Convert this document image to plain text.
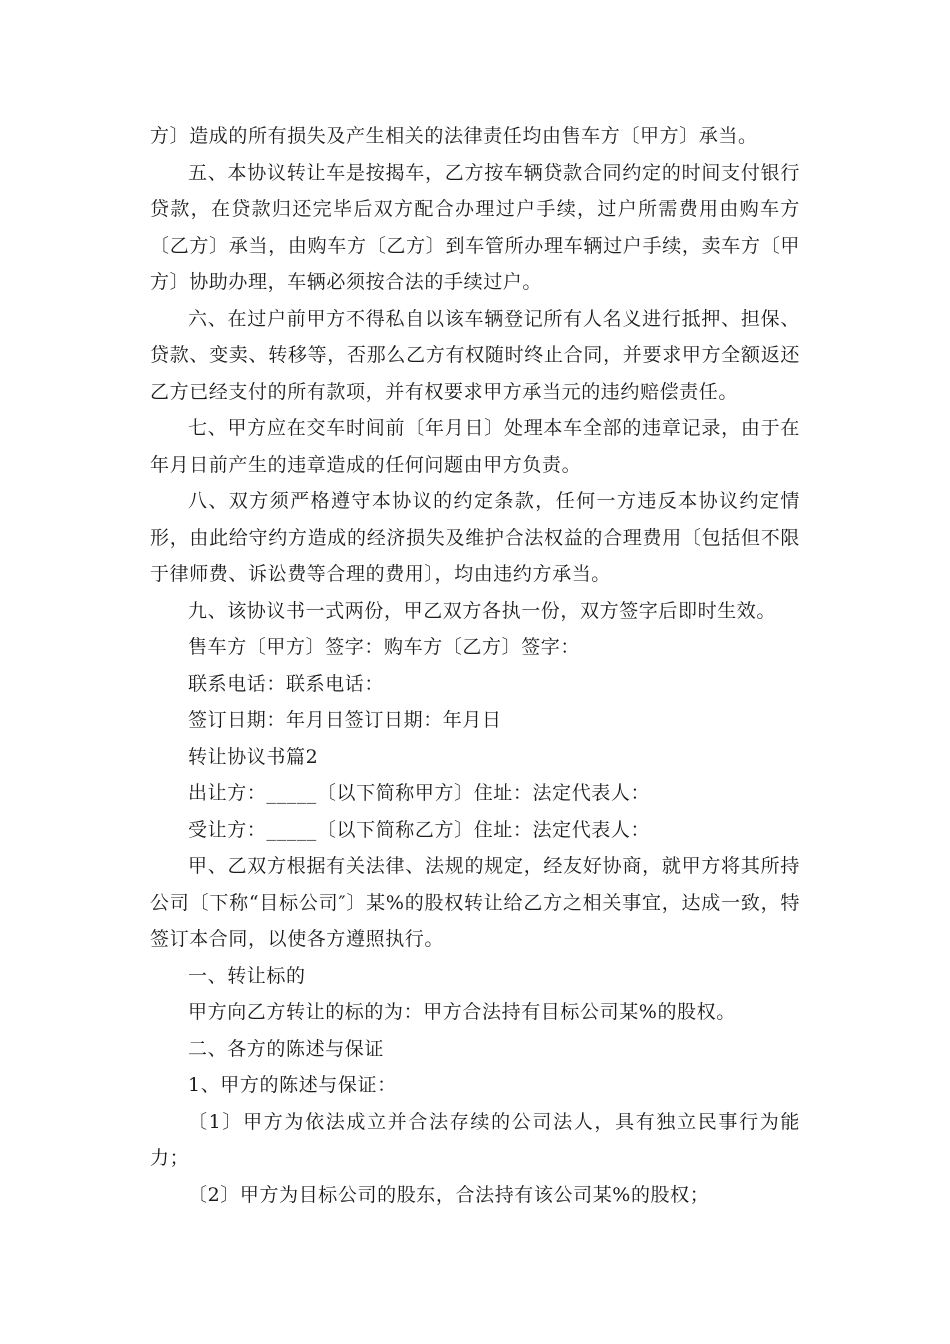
方〕造成的所有损失及产生相关的法律责任均由售车方〔甲方〕承当。

五、本协议转让车是按揭车，乙方按车辆贷款合同约定的时间支付银行贷款，在贷款归还完毕后双方配合办理过户手续，过户所需费用由购车方〔乙方〕承当，由购车方〔乙方〕到车管所办理车辆过户手续，卖车方〔甲方〕协助办理，车辆必须按合法的手续过户。

六、在过户前甲方不得私自以该车辆登记所有人名义进行抵押、担保、贷款、变卖、转移等，否那么乙方有权随时终止合同，并要求甲方全额返还乙方已经支付的所有款项，并有权要求甲方承当元的违约赔偿责任。

七、甲方应在交车时间前〔年月日〕处理本车全部的违章记录，由于在年月日前产生的违章造成的任何问题由甲方负责。

八、双方须严格遵守本协议的约定条款，任何一方违反本协议约定情形，由此给守约方造成的经济损失及维护合法权益的合理费用〔包括但不限于律师费、诉讼费等合理的费用〕，均由违约方承当。

九、该协议书一式两份，甲乙双方各执一份，双方签字后即时生效。

售车方〔甲方〕签字：购车方〔乙方〕签字：

联系电话：联系电话：

签订日期：年月日签订日期：年月日

转让协议书篇2

出让方：_____〔以下简称甲方〕住址：法定代表人：

受让方：_____〔以下简称乙方〕住址：法定代表人：

甲、乙双方根据有关法律、法规的规定，经友好协商，就甲方将其所持公司〔下称“目标公司″〕某%的股权转让给乙方之相关事宜，达成一致，特签订本合同，以使各方遵照执行。

一、转让标的

甲方向乙方转让的标的为：甲方合法持有目标公司某%的股权。

二、各方的陈述与保证

1、甲方的陈述与保证：

〔1〕甲方为依法成立并合法存续的公司法人，具有独立民事行为能力；

〔2〕甲方为目标公司的股东，合法持有该公司某%的股权；
